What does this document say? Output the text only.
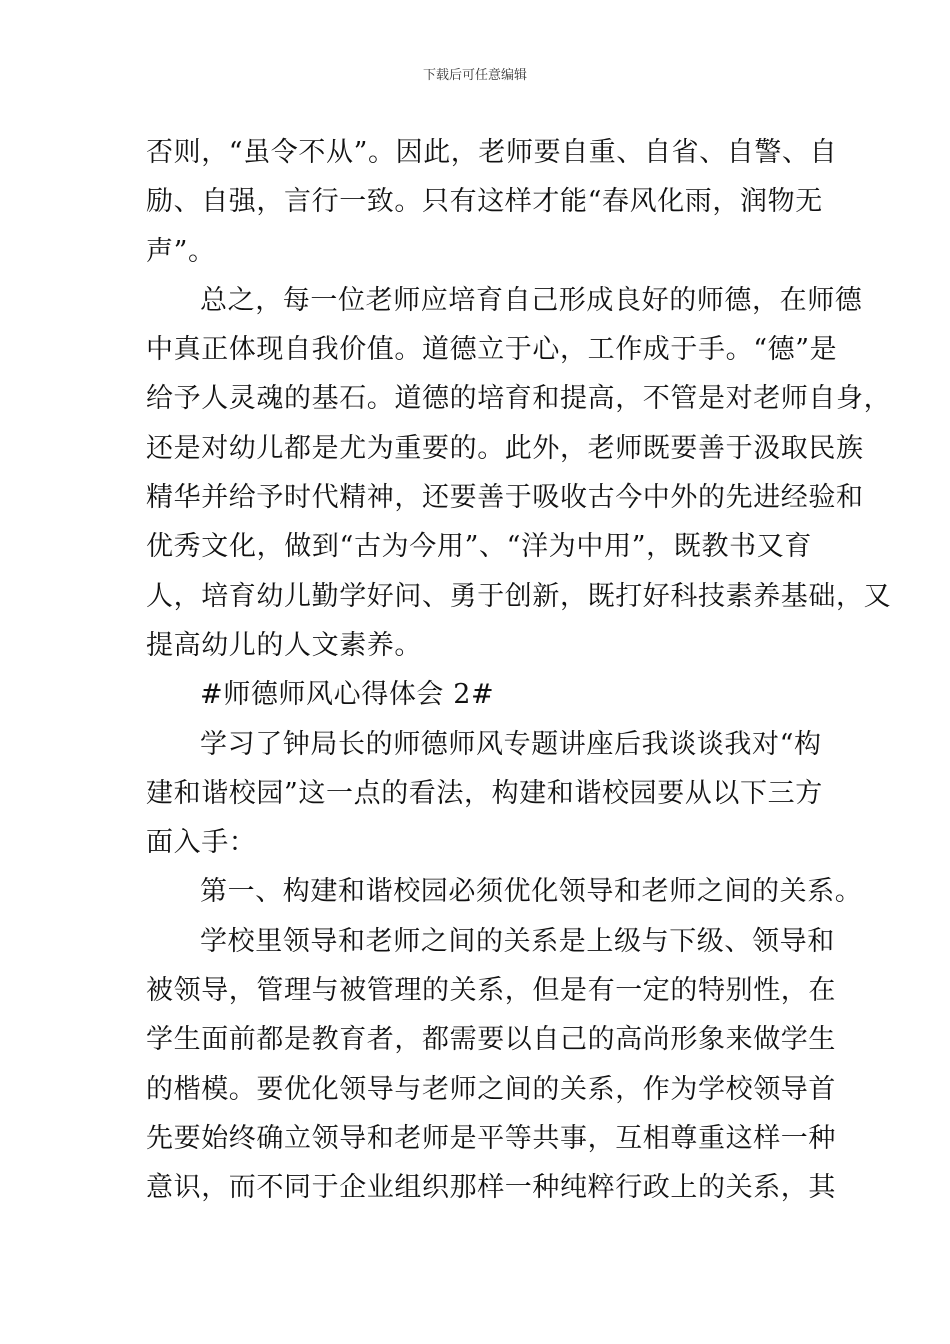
下载后可任意编辑
否则，“虽令不从”。因此，老师要自重、自省、自警、自
励、自强，言行一致。只有这样才能“春风化雨，润物无
声”。
总之，每一位老师应培育自己形成良好的师德，在师德
中真正体现自我价值。道德立于心，工作成于手。“德”是
给予人灵魂的基石。道德的培育和提高，不管是对老师自身，
还是对幼儿都是尤为重要的。此外，老师既要善于汲取民族
精华并给予时代精神，还要善于吸收古今中外的先进经验和
优秀文化，做到“古为今用”、“洋为中用”，既教书又育
人，培育幼儿勤学好问、勇于创新，既打好科技素养基础，又
提高幼儿的人文素养。
#师德师风心得体会 2#
学习了钟局长的师德师风专题讲座后我谈谈我对“构
建和谐校园”这一点的看法，构建和谐校园要从以下三方
面入手：
第一、构建和谐校园必须优化领导和老师之间的关系。
学校里领导和老师之间的关系是上级与下级、领导和
被领导，管理与被管理的关系，但是有一定的特别性，在
学生面前都是教育者，都需要以自己的高尚形象来做学生
的楷模。要优化领导与老师之间的关系，作为学校领导首
先要始终确立领导和老师是平等共事，互相尊重这样一种
意识，而不同于企业组织那样一种纯粹行政上的关系，其
